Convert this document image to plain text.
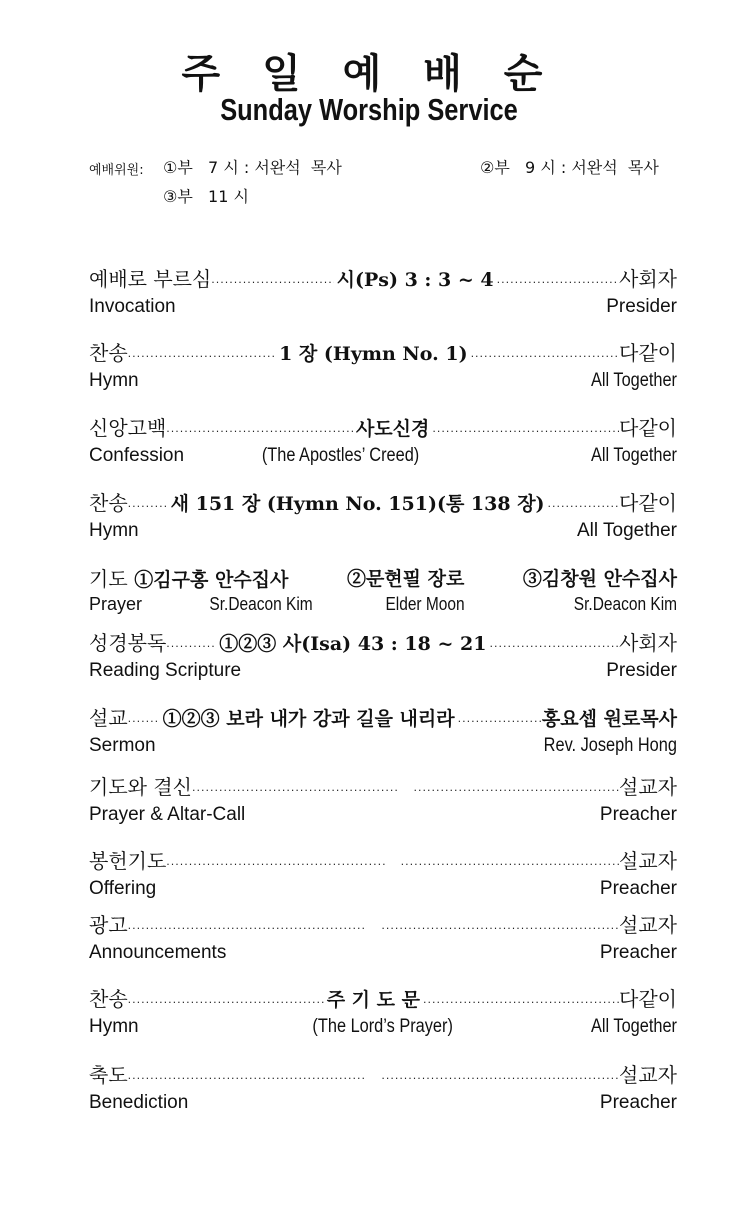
주 일 예 배 순
Sunday Worship Service
예배위원: ①부   7 시 : 서완석  목사	②부   9 시 : 서완석  목사
③부   11 시
예배로 부르심 ·····	시(Ps) 3 : 3 ~ 4 ·····	사회자
Invocation	Presider
찬송 ·····	1 장 (Hymn No. 1) ·····	다같이
Hymn	All Together
신앙고백 ·····	사도신경 ·····	다같이
Confession	(The Apostles’ Creed)	All Together
찬송 ····· 새 151 장 (Hymn No. 151)(통 138 장) ·····	다같이
Hymn	All Together
기도 ①김구홍 안수집사	②문현필 장로	③김창원 안수집사
Prayer	Sr.Deacon Kim	Elder Moon	Sr.Deacon Kim
성경봉독 ·····	①②③ 사(Isa) 43 : 18 ~ 21 ·····	사회자
Reading Scripture	Presider
설교 ····· ①②③ 보라 내가 강과 길을 내리라 ·····	홍요셉 원로목사
Sermon	Rev. Joseph Hong
기도와 결신 ····· ·····	설교자
Prayer & Altar-Call	Preacher
봉헌기도 ····· ·····	설교자
Offering	Preacher
광고 ····· ·····	설교자
Announcements	Preacher
찬송 ·····	주 기 도 문 ·····	다같이
Hymn	(The Lord’s Prayer)	All Together
축도 ····· ·····	설교자
Benediction	Preacher
